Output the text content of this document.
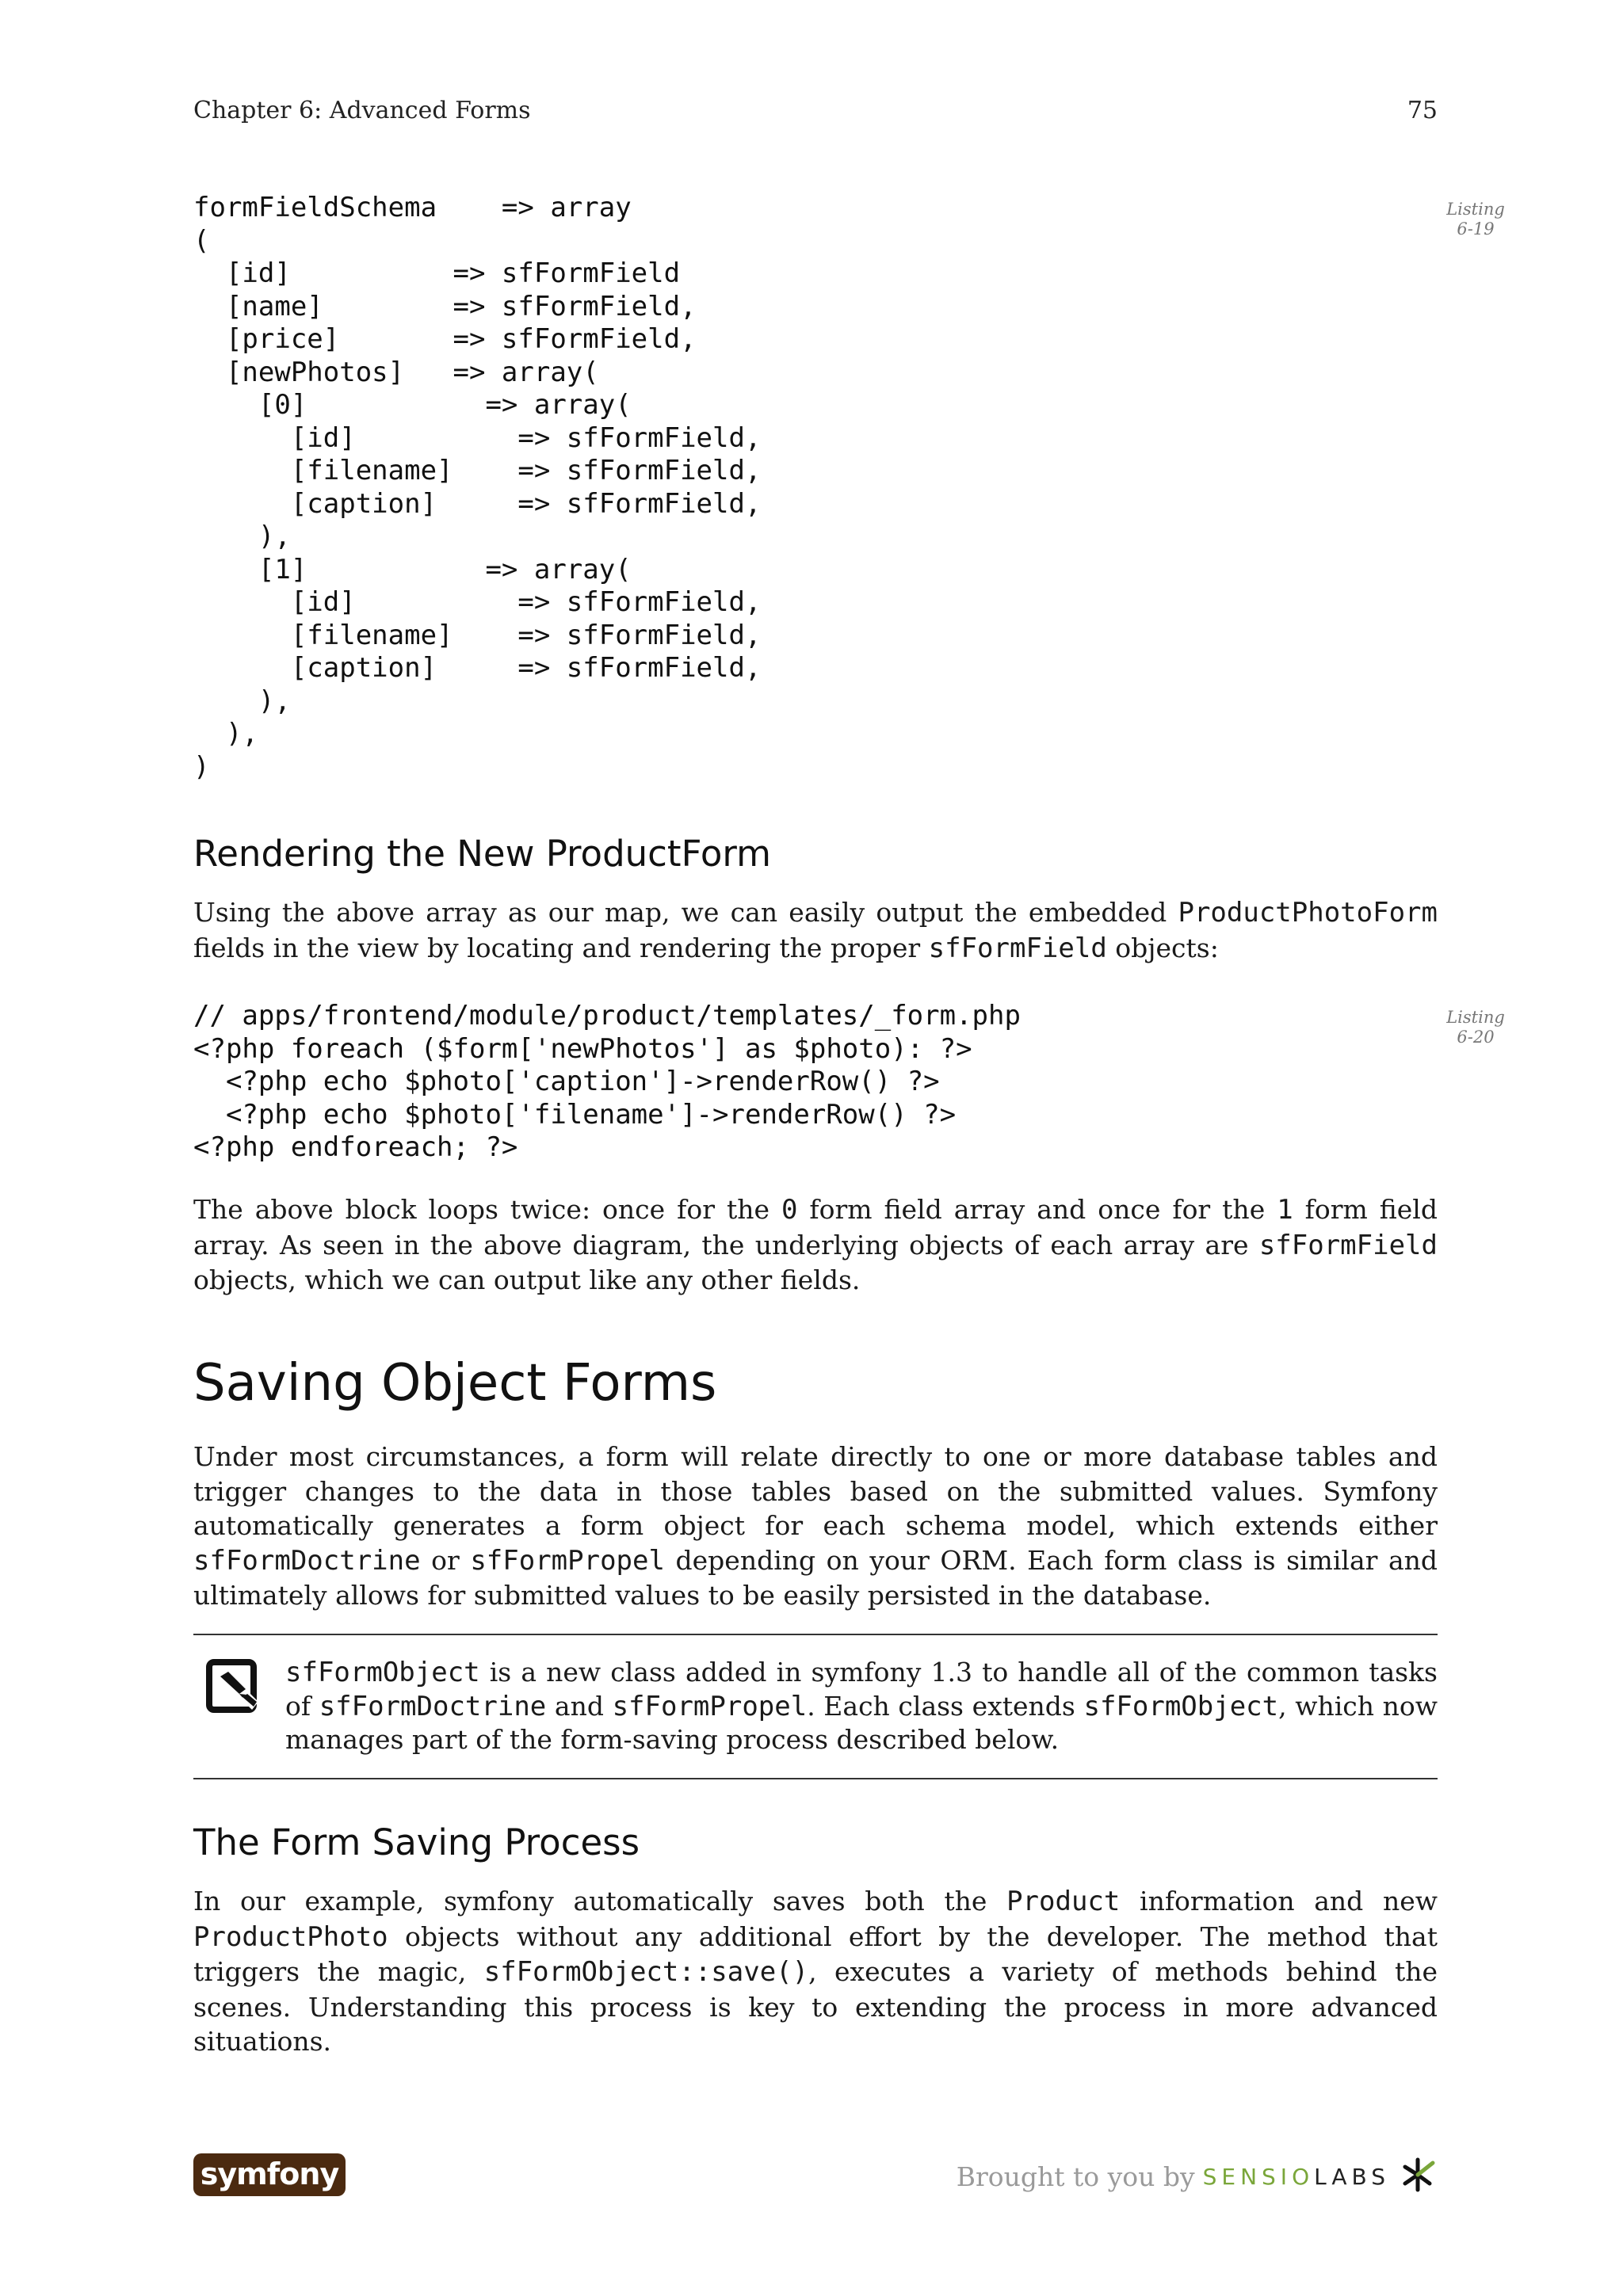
Chapter 6: Advanced Forms	75
Listing
6-19
formFieldSchema    => array
(
[id]          => sfFormField
[name]        => sfFormField,
[price]       => sfFormField,
[newPhotos]   => array(
[0]           => array(
[id]          => sfFormField,
[filename]    => sfFormField,
[caption]     => sfFormField,
),
[1]           => array(
[id]          => sfFormField,
[filename]    => sfFormField,
[caption]     => sfFormField,
),
),
)
Rendering the New ProductForm

Using the above array as our map, we can easily output the embedded ProductPhotoForm fields in the view by locating and rendering the proper sfFormField objects:

Listing
6-20
// apps/frontend/module/product/templates/_form.php
<?php foreach ($form['newPhotos'] as $photo): ?>
<?php echo $photo['caption']->renderRow() ?>
<?php echo $photo['filename']->renderRow() ?>
<?php endforeach; ?>

The above block loops twice: once for the 0 form field array and once for the 1 form field array. As seen in the above diagram, the underlying objects of each array are sfFormField objects, which we can output like any other fields.

Saving Object Forms

Under most circumstances, a form will relate directly to one or more database tables and trigger changes to the data in those tables based on the submitted values. Symfony automatically generates a form object for each schema model, which extends either sfFormDoctrine or sfFormPropel depending on your ORM. Each form class is similar and ultimately allows for submitted values to be easily persisted in the database.

sfFormObject is a new class added in symfony 1.3 to handle all of the common tasks of sfFormDoctrine and sfFormPropel. Each class extends sfFormObject, which now manages part of the form-saving process described below.

The Form Saving Process

In our example, symfony automatically saves both the Product information and new ProductPhoto objects without any additional effort by the developer. The method that triggers the magic, sfFormObject::save(), executes a variety of methods behind the scenes. Understanding this process is key to extending the process in more advanced situations.

symfony	Brought to you by SENSIOLABS
